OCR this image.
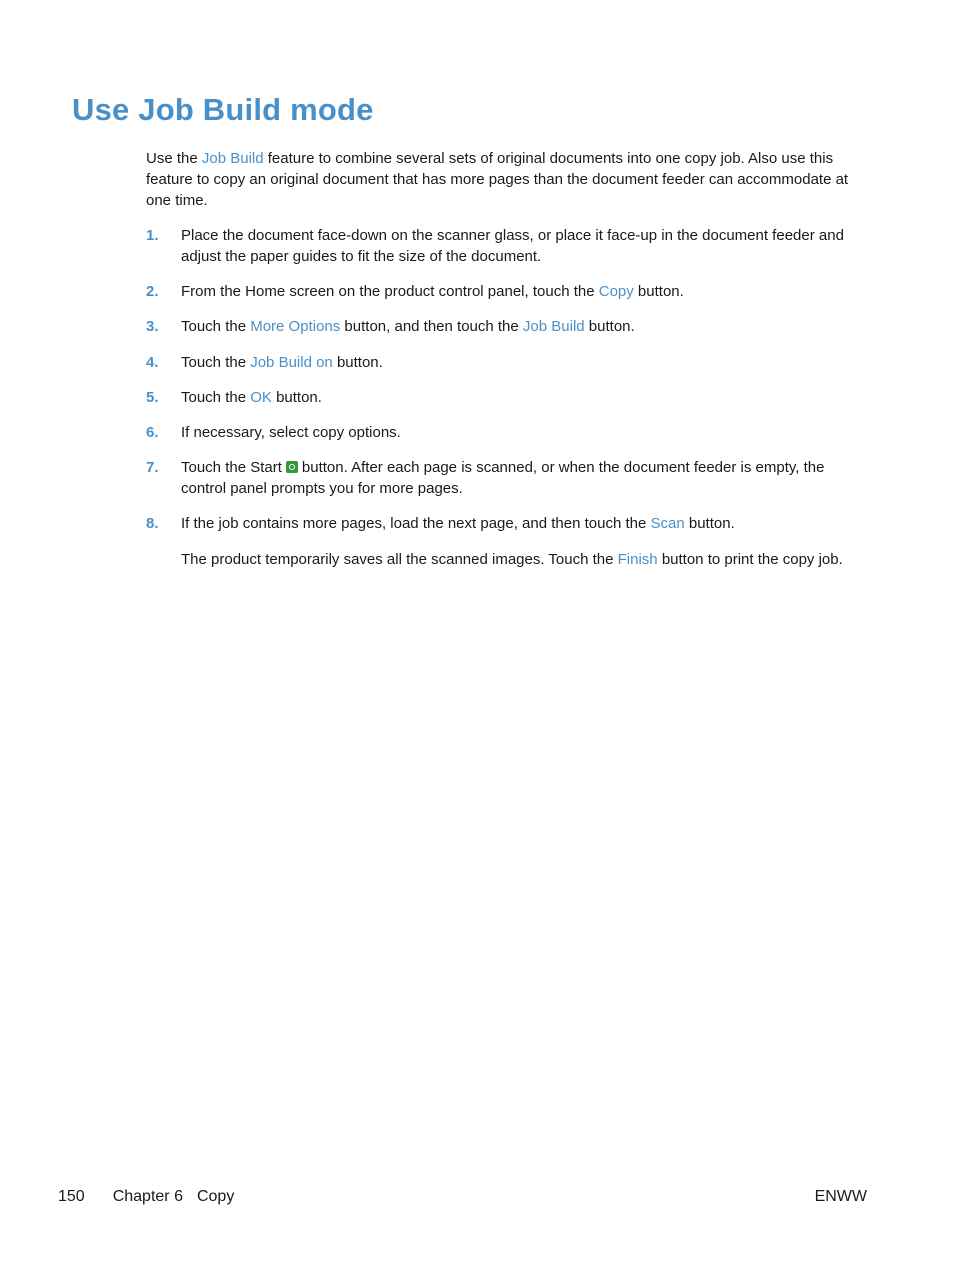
Use Job Build mode

Use the Job Build feature to combine several sets of original documents into one copy job. Also use this feature to copy an original document that has more pages than the document feeder can accommodate at one time.

1. Place the document face-down on the scanner glass, or place it face-up in the document feeder and adjust the paper guides to fit the size of the document.
2. From the Home screen on the product control panel, touch the Copy button.
3. Touch the More Options button, and then touch the Job Build button.
4. Touch the Job Build on button.
5. Touch the OK button.
6. If necessary, select copy options.
7. Touch the Start button. After each page is scanned, or when the document feeder is empty, the control panel prompts you for more pages.
8. If the job contains more pages, load the next page, and then touch the Scan button.
The product temporarily saves all the scanned images. Touch the Finish button to print the copy job.
150 Chapter 6 Copy	ENWW
